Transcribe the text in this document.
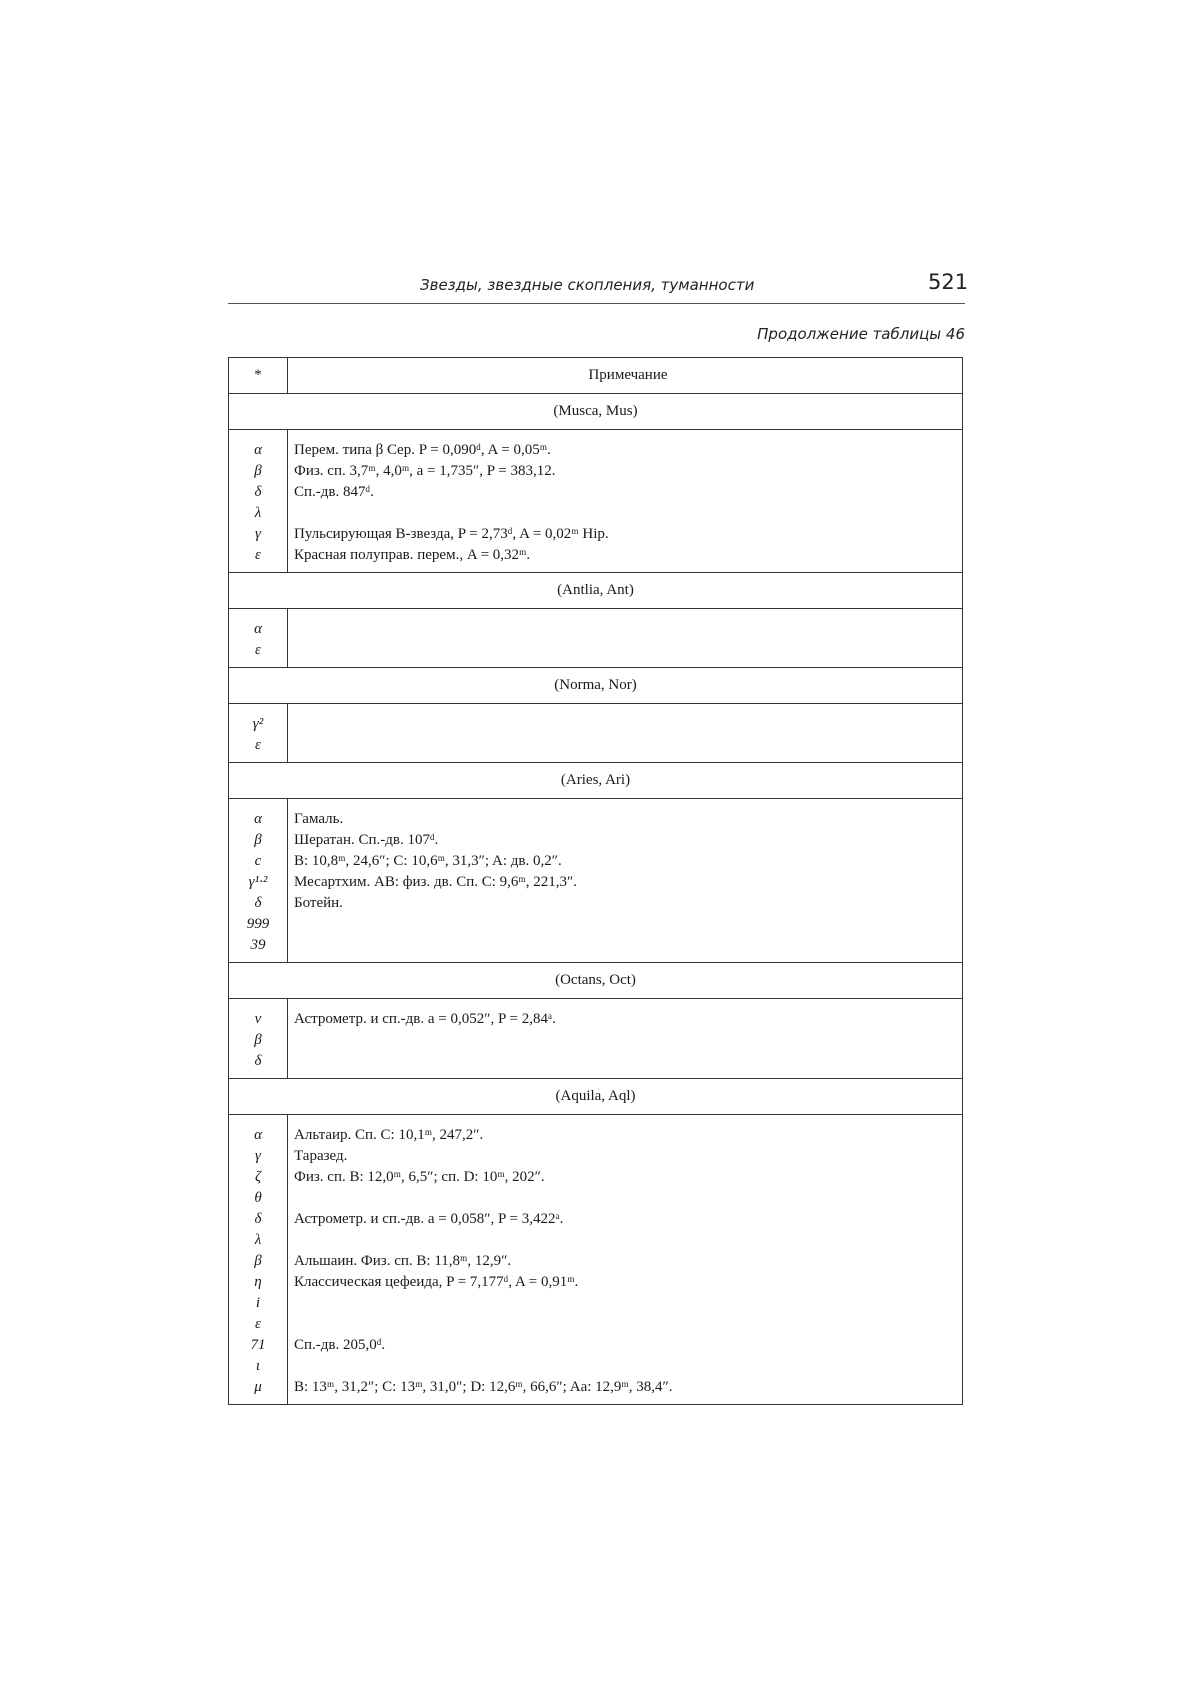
Звезды, звездные скопления, туманности	521
Продолжение таблицы 46
*	Примечание
(Musca, Mus)
α
β
δ
λ
γ
ε
Перем. типа β Cep. P = 0,090ᵈ, A = 0,05ᵐ.
Физ. сп. 3,7ᵐ, 4,0ᵐ, a = 1,735″, P = 383,12.
Сп.-дв. 847ᵈ.
Пульсирующая B-звезда, P = 2,73ᵈ, A = 0,02ᵐ Hip.
Красная полуправ. перем., A = 0,32ᵐ.
(Antlia, Ant)
α
ε
(Norma, Nor)
γ²
ε
(Aries, Ari)
α
β
c
γ¹·²
δ
999
39
Гамаль.
Шератан. Сп.-дв. 107ᵈ.
B: 10,8ᵐ, 24,6″; C: 10,6ᵐ, 31,3″; A: дв. 0,2″.
Месартхим. AB: физ. дв. Сп. C: 9,6ᵐ, 221,3″.
Ботейн.
(Octans, Oct)
ν
β
δ
Астрометр. и сп.-дв. a = 0,052″, P = 2,84ᵃ.
(Aquila, Aql)
α
γ
ζ
θ
δ
λ
β
η
i
ε
71
ι
μ
Альтаир. Сп. C: 10,1ᵐ, 247,2″.
Таразед.
Физ. сп. B: 12,0ᵐ, 6,5″; сп. D: 10ᵐ, 202″.
Астрометр. и сп.-дв. a = 0,058″, P = 3,422ᵃ.
Альшаин. Физ. сп. B: 11,8ᵐ, 12,9″.
Классическая цефеида, P = 7,177ᵈ, A = 0,91ᵐ.
Сп.-дв. 205,0ᵈ.
B: 13ᵐ, 31,2″; C: 13ᵐ, 31,0″; D: 12,6ᵐ, 66,6″; Aa: 12,9ᵐ, 38,4″.
